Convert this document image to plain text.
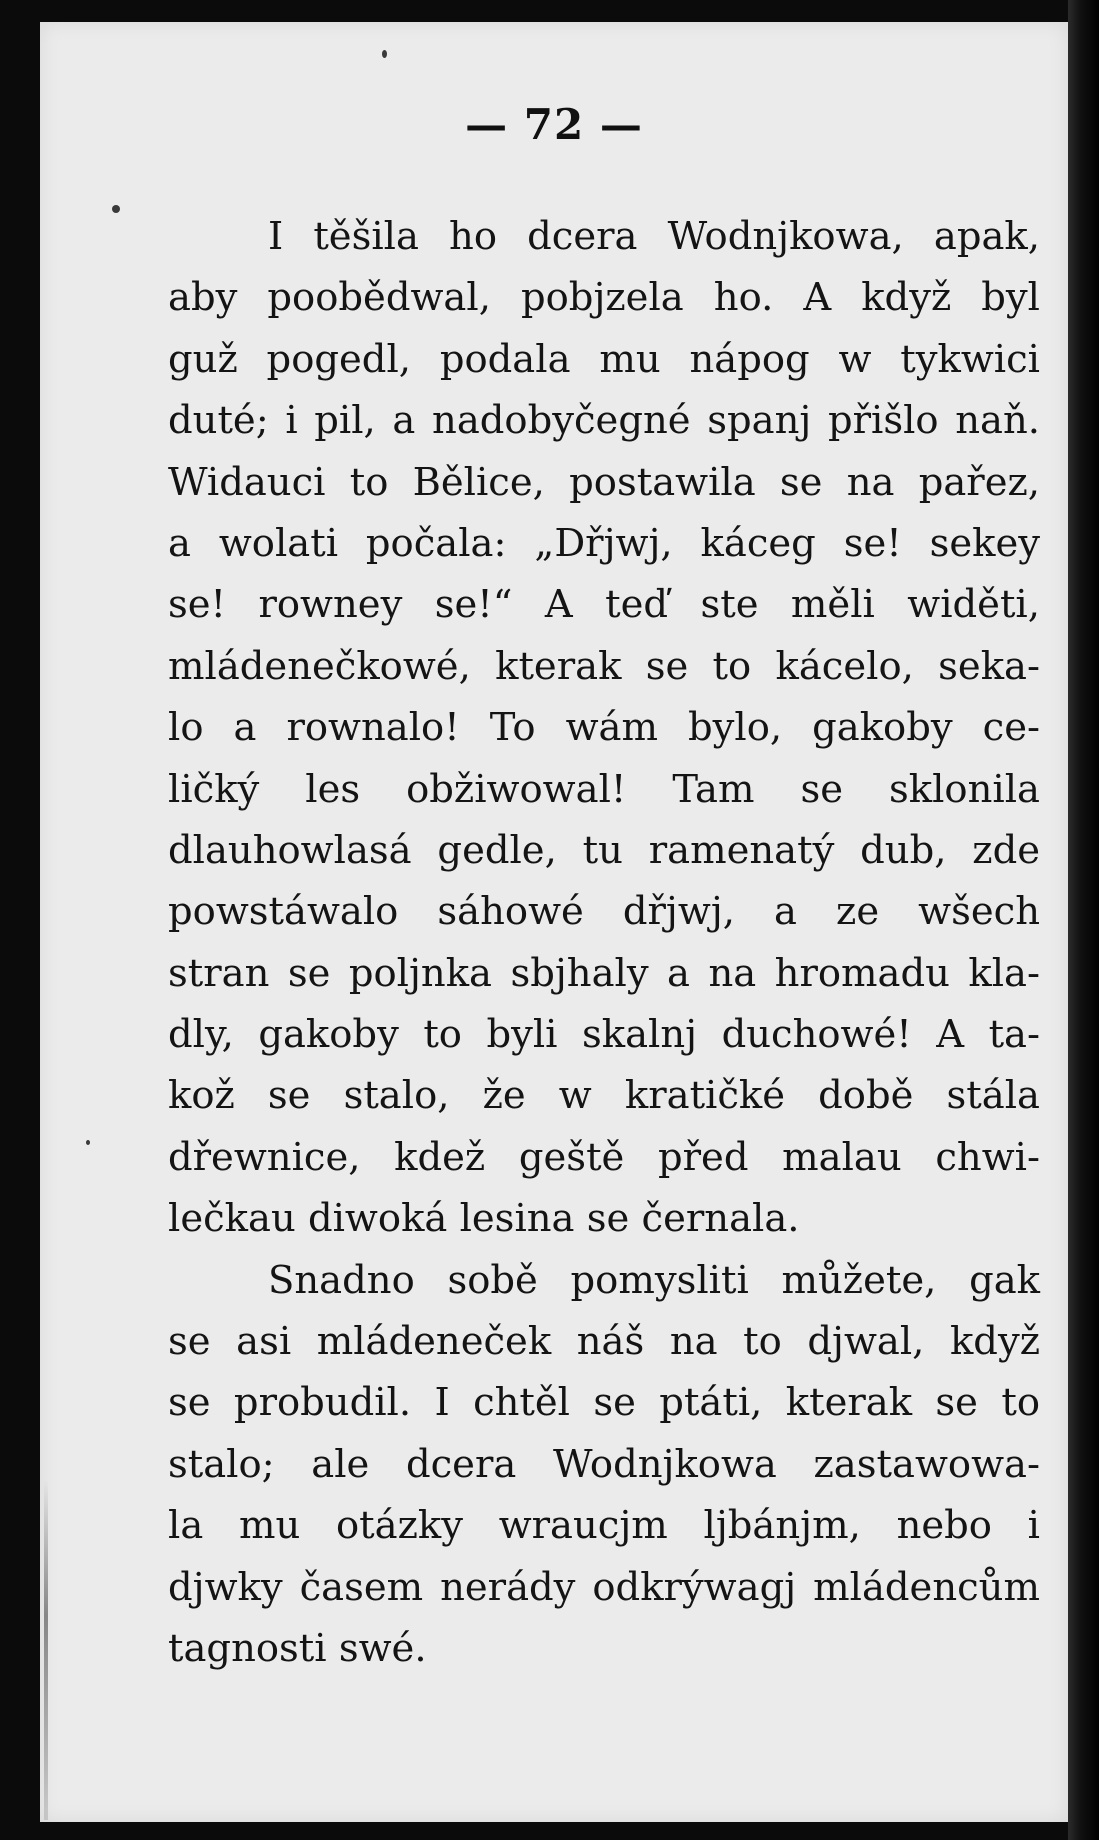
— 72 —
I těšila ho dcera Wodnjkowa, apak,
aby poobědwal, pobjzela ho. A když byl
guž pogedl, podala mu nápog w tykwici
duté; i pil, a nadobyčegné spanj přišlo naň.
Widauci to Bělice, postawila se na pařez,
a wolati počala: „Dřjwj, káceg se! sekey
se! rowney se!“ A teď ste měli widěti,
mládenečkowé, kterak se to kácelo, seka-
lo a rownalo! To wám bylo, gakoby ce-
ličký les obžiwowal! Tam se sklonila
dlauhowlasá gedle, tu ramenatý dub, zde
powstáwalo sáhowé dřjwj, a ze wšech
stran se poljnka sbjhaly a na hromadu kla-
dly, gakoby to byli skalnj duchowé! A ta-
kož se stalo, že w kratičké době stála
dřewnice, kdež geště před malau chwi-
lečkau diwoká lesina se černala.
Snadno sobě pomysliti můžete, gak
se asi mládeneček náš na to djwal, když
se probudil. I chtěl se ptáti, kterak se to
stalo; ale dcera Wodnjkowa zastawowa-
la mu otázky wraucjm ljbánjm, nebo i
djwky časem nerády odkrýwagj mládencům
tagnosti swé.
